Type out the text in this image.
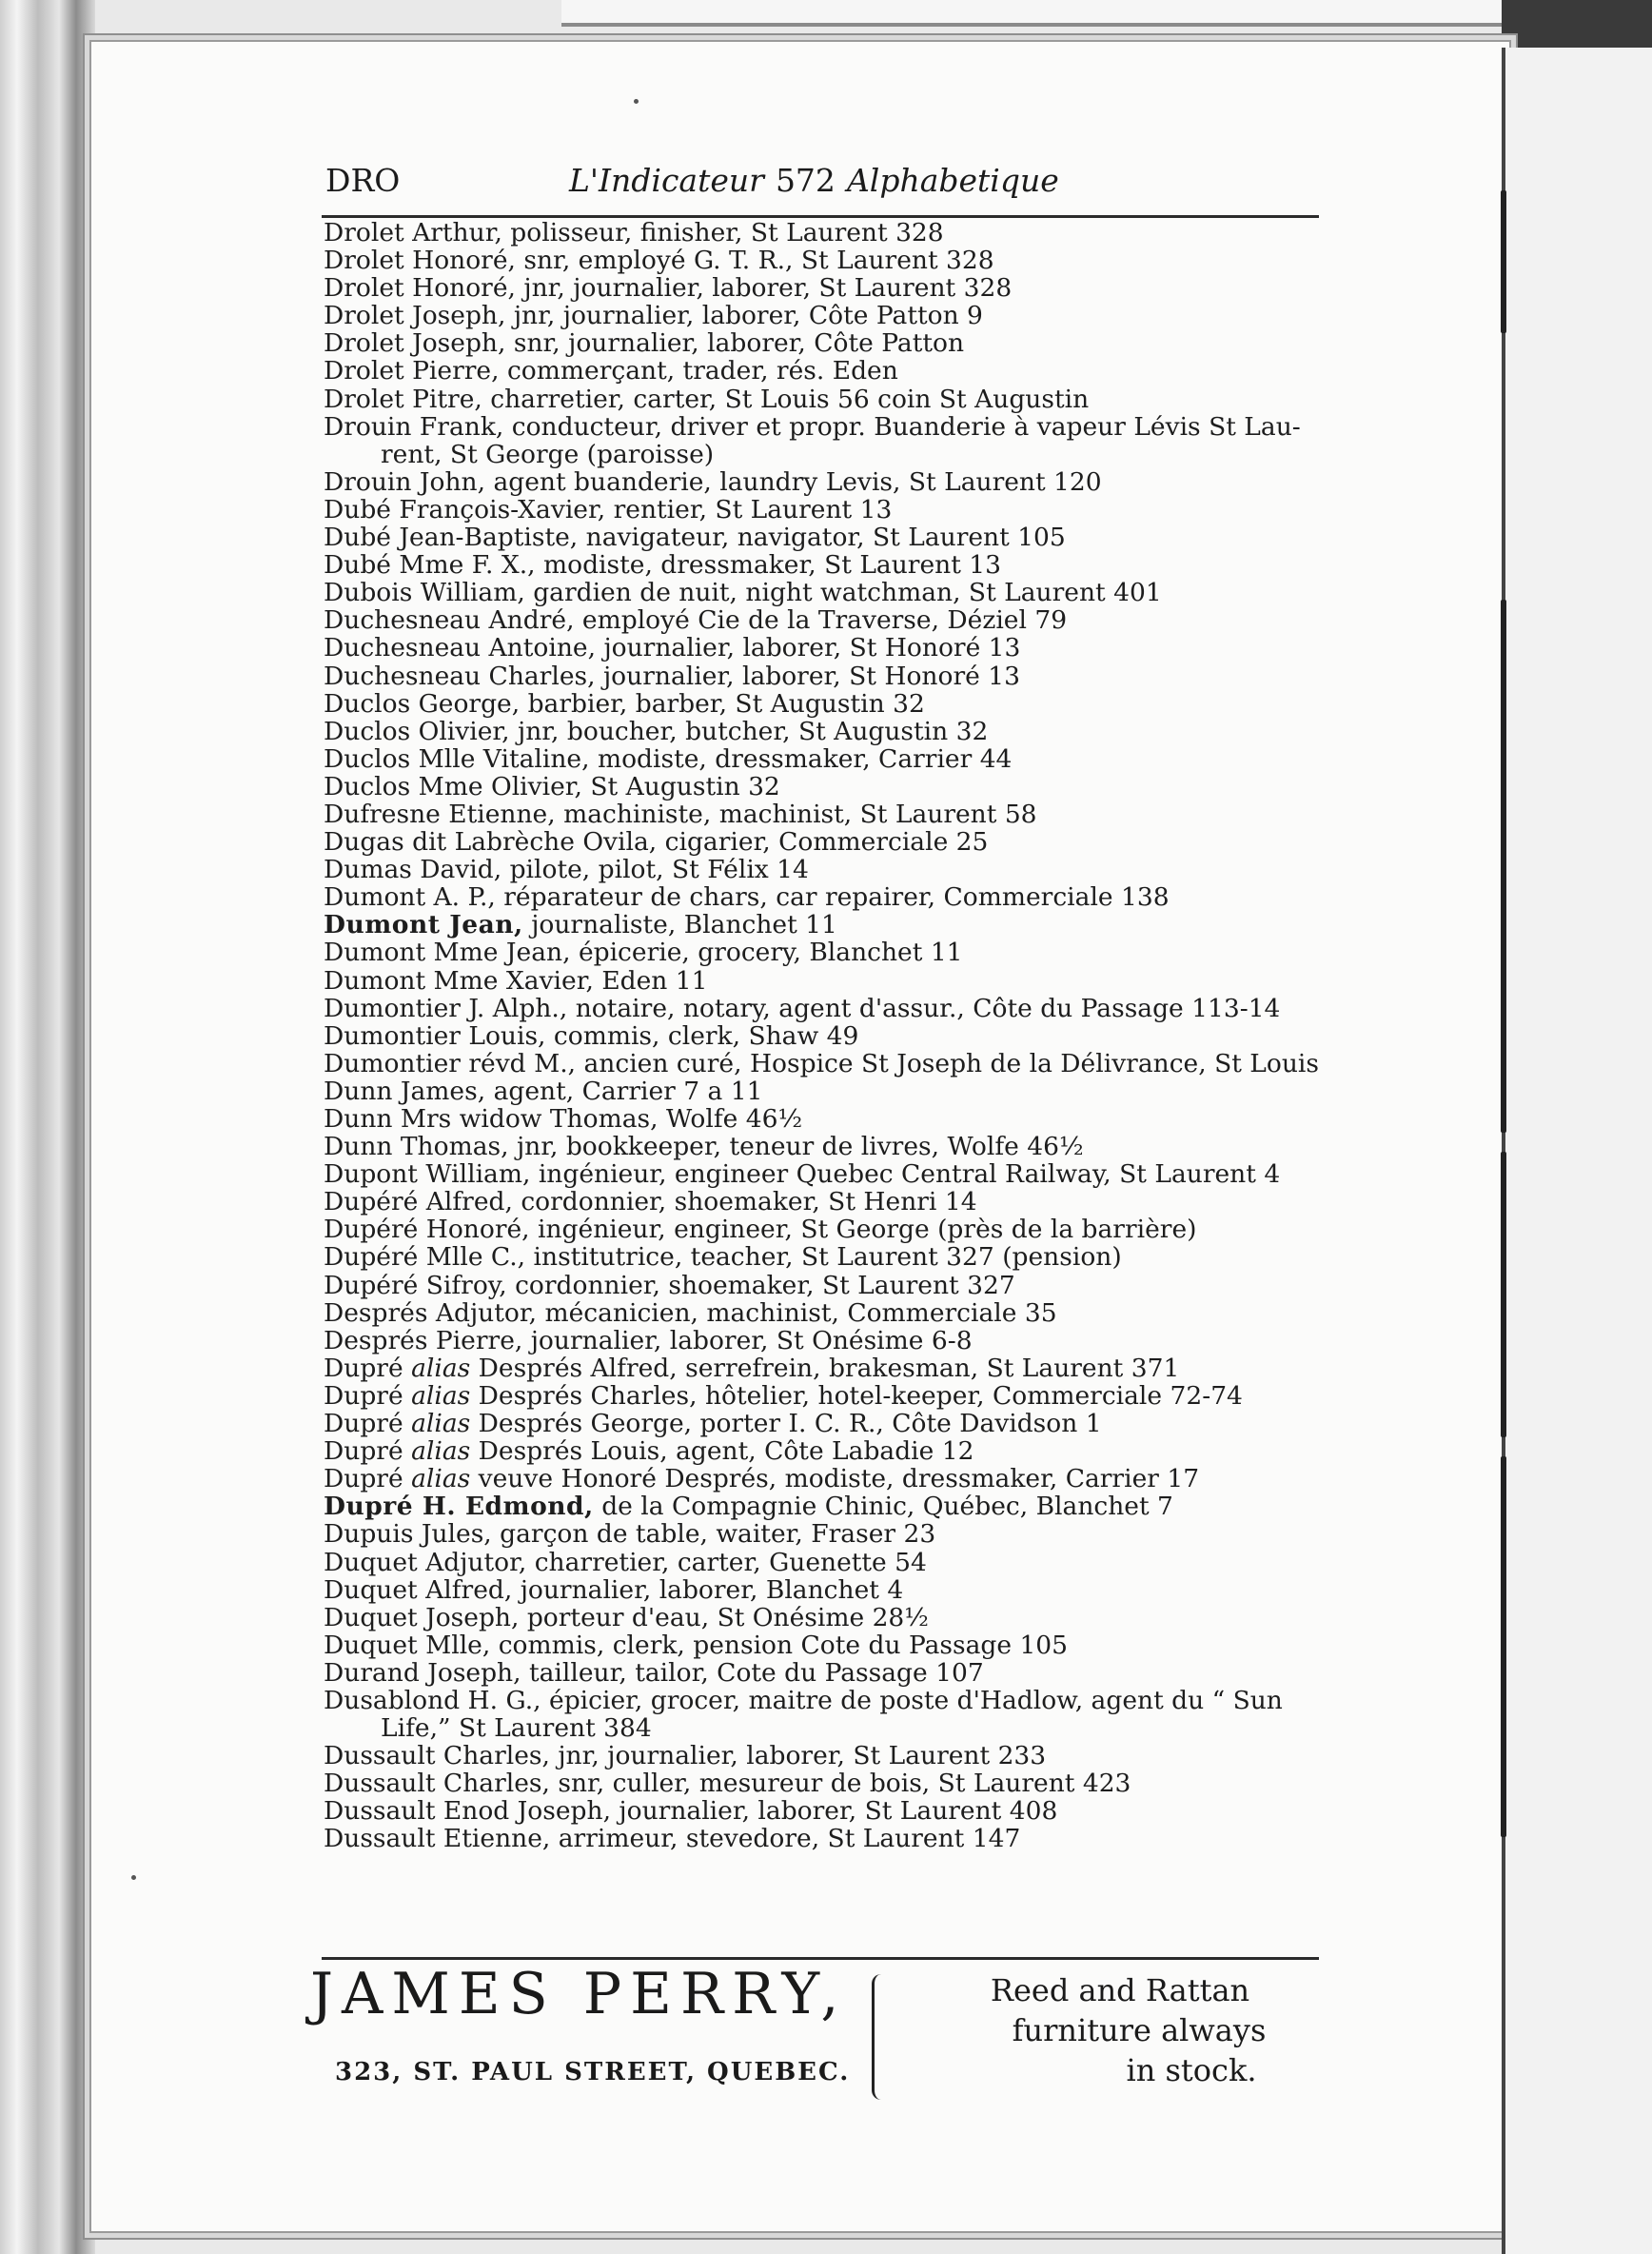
DRO	L'Indicateur 572 Alphabetique
Drolet Arthur, polisseur, finisher, St Laurent 328
Drolet Honoré, snr, employé G. T. R., St Laurent 328
Drolet Honoré, jnr, journalier, laborer, St Laurent 328
Drolet Joseph, jnr, journalier, laborer, Côte Patton 9
Drolet Joseph, snr, journalier, laborer, Côte Patton
Drolet Pierre, commerçant, trader, rés. Eden
Drolet Pitre, charretier, carter, St Louis 56 coin St Augustin
Drouin Frank, conducteur, driver et propr. Buanderie à vapeur Lévis St Lau-
rent, St George (paroisse)
Drouin John, agent buanderie, laundry Levis, St Laurent 120
Dubé François-Xavier, rentier, St Laurent 13
Dubé Jean-Baptiste, navigateur, navigator, St Laurent 105
Dubé Mme F. X., modiste, dressmaker, St Laurent 13
Dubois William, gardien de nuit, night watchman, St Laurent 401
Duchesneau André, employé Cie de la Traverse, Déziel 79
Duchesneau Antoine, journalier, laborer, St Honoré 13
Duchesneau Charles, journalier, laborer, St Honoré 13
Duclos George, barbier, barber, St Augustin 32
Duclos Olivier, jnr, boucher, butcher, St Augustin 32
Duclos Mlle Vitaline, modiste, dressmaker, Carrier 44
Duclos Mme Olivier, St Augustin 32
Dufresne Etienne, machiniste, machinist, St Laurent 58
Dugas dit Labrèche Ovila, cigarier, Commerciale 25
Dumas David, pilote, pilot, St Félix 14
Dumont A. P., réparateur de chars, car repairer, Commerciale 138
Dumont Jean, journaliste, Blanchet 11
Dumont Mme Jean, épicerie, grocery, Blanchet 11
Dumont Mme Xavier, Eden 11
Dumontier J. Alph., notaire, notary, agent d'assur., Côte du Passage 113-14
Dumontier Louis, commis, clerk, Shaw 49
Dumontier révd M., ancien curé, Hospice St Joseph de la Délivrance, St Louis
Dunn James, agent, Carrier 7 a 11
Dunn Mrs widow Thomas, Wolfe 46½
Dunn Thomas, jnr, bookkeeper, teneur de livres, Wolfe 46½
Dupont William, ingénieur, engineer Quebec Central Railway, St Laurent 4
Dupéré Alfred, cordonnier, shoemaker, St Henri 14
Dupéré Honoré, ingénieur, engineer, St George (près de la barrière)
Dupéré Mlle C., institutrice, teacher, St Laurent 327 (pension)
Dupéré Sifroy, cordonnier, shoemaker, St Laurent 327
Després Adjutor, mécanicien, machinist, Commerciale 35
Després Pierre, journalier, laborer, St Onésime 6-8
Dupré alias Després Alfred, serrefrein, brakesman, St Laurent 371
Dupré alias Després Charles, hôtelier, hotel-keeper, Commerciale 72-74
Dupré alias Després George, porter I. C. R., Côte Davidson 1
Dupré alias Després Louis, agent, Côte Labadie 12
Dupré alias veuve Honoré Després, modiste, dressmaker, Carrier 17
Dupré H. Edmond, de la Compagnie Chinic, Québec, Blanchet 7
Dupuis Jules, garçon de table, waiter, Fraser 23
Duquet Adjutor, charretier, carter, Guenette 54
Duquet Alfred, journalier, laborer, Blanchet 4
Duquet Joseph, porteur d'eau, St Onésime 28½
Duquet Mlle, commis, clerk, pension Cote du Passage 105
Durand Joseph, tailleur, tailor, Cote du Passage 107
Dusablond H. G., épicier, grocer, maitre de poste d'Hadlow, agent du “ Sun
Life,” St Laurent 384
Dussault Charles, jnr, journalier, laborer, St Laurent 233
Dussault Charles, snr, culler, mesureur de bois, St Laurent 423
Dussault Enod Joseph, journalier, laborer, St Laurent 408
Dussault Etienne, arrimeur, stevedore, St Laurent 147
JAMES PERRY,
323, ST. PAUL STREET, QUEBEC.
Reed and Rattan
furniture always
in stock.
